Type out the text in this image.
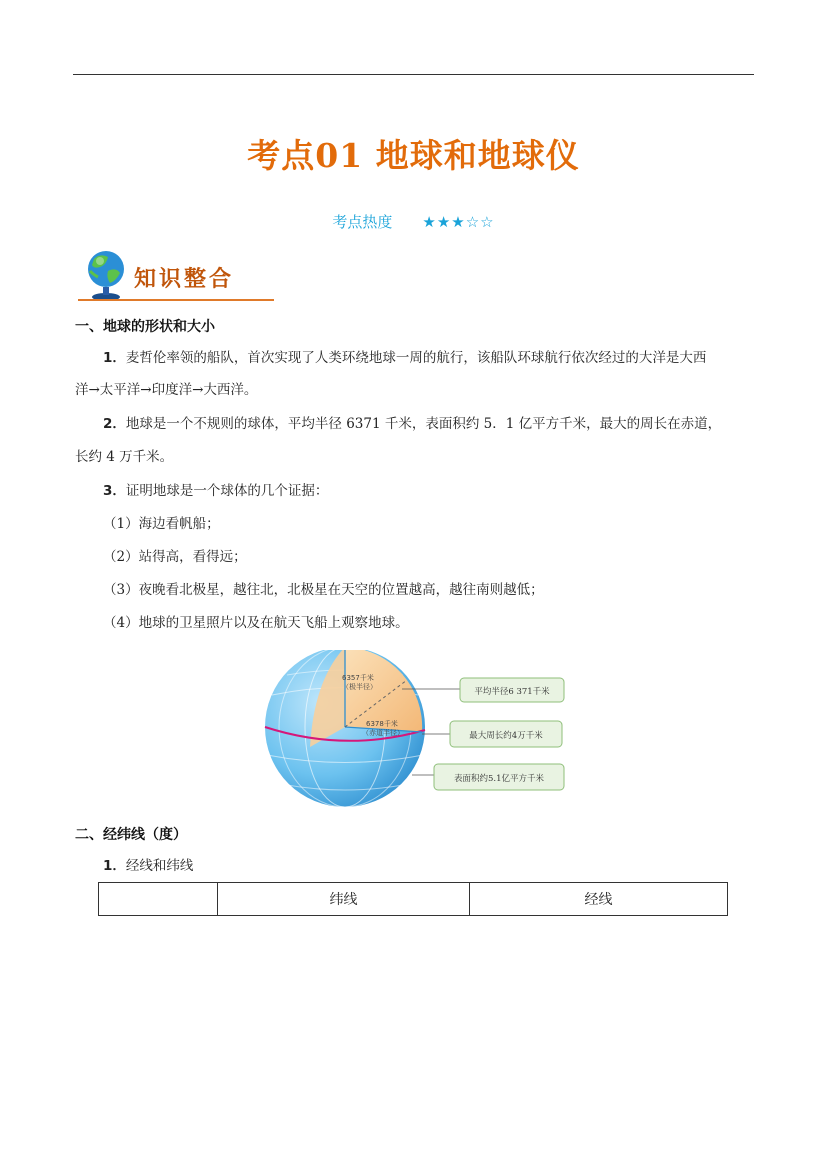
考点01 地球和地球仪
考点热度 ★★★☆☆
知识整合
一、地球的形状和大小
1．麦哲伦率领的船队，首次实现了人类环绕地球一周的航行，该船队环球航行依次经过的大洋是大西
洋→太平洋→印度洋→大西洋。
2．地球是一个不规则的球体，平均半径 6371 千米，表面积约 5．1 亿平方千米，最大的周长在赤道，
长约 4 万千米。
3．证明地球是一个球体的几个证据：
（1）海边看帆船；
（2）站得高，看得远；
（3）夜晚看北极星，越往北，北极星在天空的位置越高，越往南则越低；
（4）地球的卫星照片以及在航天飞船上观察地球。
6357千米
（极半径）
6378千米
（赤道半径）
平均半径6 371千米
最大周长约4万千米
表面积约5.1亿平方千米
二、经纬线（度）
1．经线和纬线
	纬线	经线
